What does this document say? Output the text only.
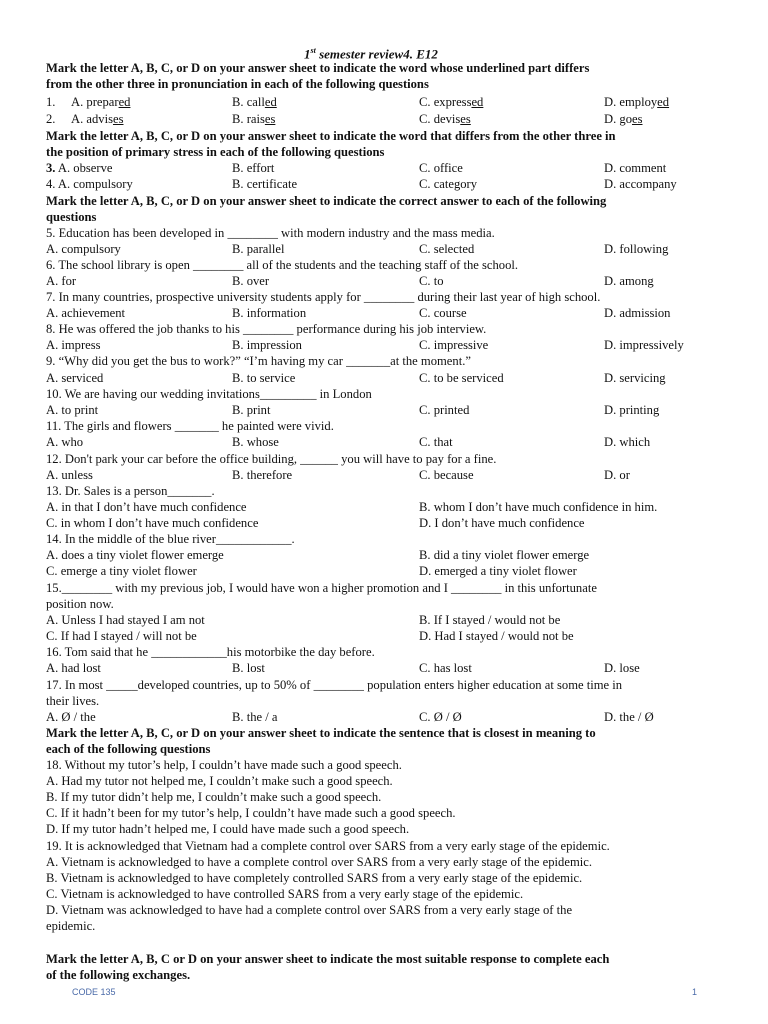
1st semester review4. E12
Mark the letter A, B, C, or D on your answer sheet to indicate the word whose underlined part differs
from the other three in pronunciation in each of the following questions
1. A. prepared	B. called	C. expressed	D. employed
2. A. advises	B. raises	C. devises	D. goes
Mark the letter A, B, C, or D on your answer sheet to indicate the word that differs from the other three in
the position of primary stress in each of the following questions
3. A. observe	B. effort	C. office	D. comment
4. A. compulsory	B. certificate	C. category	D. accompany
Mark the letter A, B, C, or D on your answer sheet to indicate the correct answer to each of the following
questions
5. Education has been developed in ________ with modern industry and the mass media.
A. compulsory	B. parallel	C. selected	D. following
6. The school library is open ________ all of the students and the teaching staff of the school.
A. for	B. over	C. to	D. among
7. In many countries, prospective university students apply for ________ during their last year of high school.
A. achievement	B. information	C. course	D. admission
8. He was offered the job thanks to his ________ performance during his job interview.
A. impress	B. impression	C. impressive	D. impressively
9. “Why did you get the bus to work?” “I’m having my car _______at the moment.”
A. serviced	B. to service	C. to be serviced	D. servicing
10. We are having our wedding invitations_________ in London
A. to print	B. print	C. printed	D. printing
11. The girls and flowers _______ he painted were vivid.
A. who	B. whose	C. that	D. which
12. Don't park your car before the office building, ______ you will have to pay for a fine.
A. unless	B. therefore	C. because	D. or
13. Dr. Sales is a person_______.
A. in that I don’t have much confidence	B. whom I don’t have much confidence in him.
C. in whom I don’t have much confidence	D. I don’t have much confidence
14. In the middle of the blue river____________.
A. does a tiny violet flower emerge	B. did a tiny violet flower emerge
C. emerge a tiny violet flower	D. emerged a tiny violet flower
15.________ with my previous job, I would have won a higher promotion and I ________ in this unfortunate
position now.
A. Unless I had stayed I am not	B. If I stayed / would not be
C. If had I stayed / will not be	D. Had I stayed / would not be
16. Tom said that he ____________his motorbike the day before.
A. had lost	B. lost	C. has lost	D. lose
17. In most _____developed countries, up to 50% of ________ population enters higher education at some time in
their lives.
A. Ø / the	B. the / a	C. Ø / Ø	D. the / Ø
Mark the letter A, B, C, or D on your answer sheet to indicate the sentence that is closest in meaning to
each of the following questions
18. Without my tutor’s help, I couldn’t have made such a good speech.
A. Had my tutor not helped me, I couldn’t make such a good speech.
B. If my tutor didn’t help me, I couldn’t make such a good speech.
C. If it hadn’t been for my tutor’s help, I couldn’t have made such a good speech.
D. If my tutor hadn’t helped me, I could have made such a good speech.
19. It is acknowledged that Vietnam had a complete control over SARS from a very early stage of the epidemic.
A. Vietnam is acknowledged to have a complete control over SARS from a very early stage of the epidemic.
B. Vietnam is acknowledged to have completely controlled SARS from a very early stage of the epidemic.
C. Vietnam is acknowledged to have controlled SARS from a very early stage of the epidemic.
D. Vietnam was acknowledged to have had a complete control over SARS from a very early stage of the
epidemic.
Mark the letter A, B, C or D on your answer sheet to indicate the most suitable response to complete each
of the following exchanges.
CODE 135	1
